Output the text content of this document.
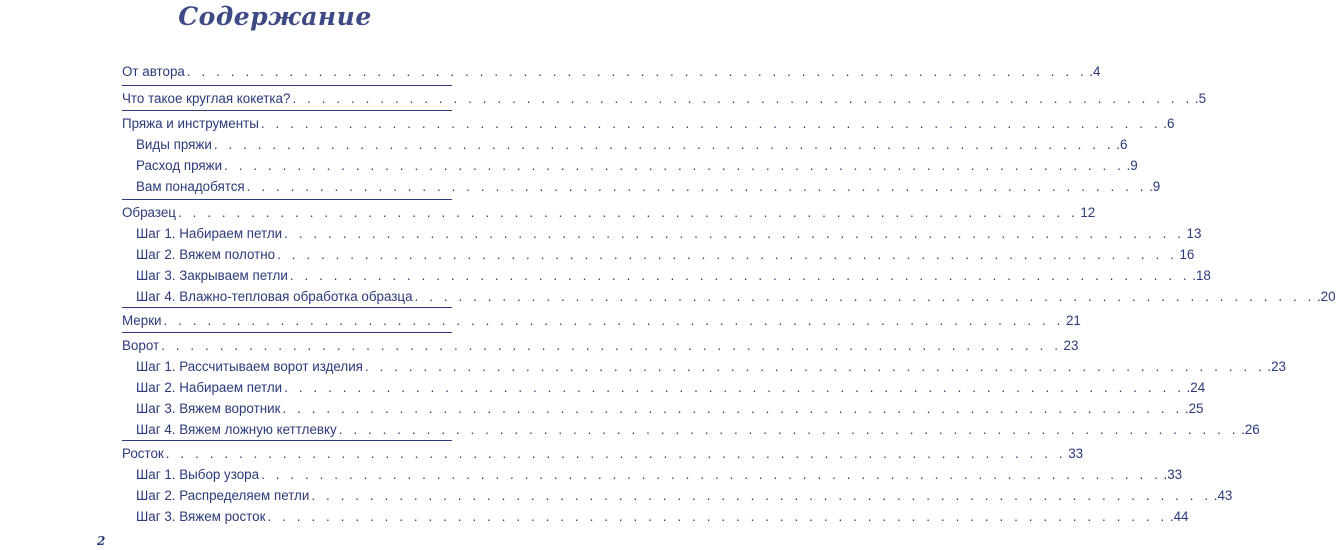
Содержание
От автора . . . . . . . . . . . . . . . . . . . . . . . . . . . . . . . . . . . . . . . . . . . . . . . . . . . . . . . . . . . . . . .4
Что такое круглая кокетка? . . . . . . . . . . . . . . . . . . . . . . . . . . . . . . . . . . . . . . . . . . . . . . . . . . . . . . . . . . . . . . .5
Пряжа и инструменты . . . . . . . . . . . . . . . . . . . . . . . . . . . . . . . . . . . . . . . . . . . . . . . . . . . . . . . . . . . . . . .6
Виды пряжи . . . . . . . . . . . . . . . . . . . . . . . . . . . . . . . . . . . . . . . . . . . . . . . . . . . . . . . . . . . . . . .6
Расход пряжи . . . . . . . . . . . . . . . . . . . . . . . . . . . . . . . . . . . . . . . . . . . . . . . . . . . . . . . . . . . . . . .9
Вам понадобятся . . . . . . . . . . . . . . . . . . . . . . . . . . . . . . . . . . . . . . . . . . . . . . . . . . . . . . . . . . . . . . .9
Образец . . . . . . . . . . . . . . . . . . . . . . . . . . . . . . . . . . . . . . . . . . . . . . . . . . . . . . . . . . . . . . 12
Шаг 1. Набираем петли . . . . . . . . . . . . . . . . . . . . . . . . . . . . . . . . . . . . . . . . . . . . . . . . . . . . . . . . . . . . . . 13
Шаг 2. Вяжем полотно . . . . . . . . . . . . . . . . . . . . . . . . . . . . . . . . . . . . . . . . . . . . . . . . . . . . . . . . . . . . . . 16
Шаг 3. Закрываем петли . . . . . . . . . . . . . . . . . . . . . . . . . . . . . . . . . . . . . . . . . . . . . . . . . . . . . . . . . . . . . . .18
Шаг 4. Влажно-тепловая обработка образца . . . . . . . . . . . . . . . . . . . . . . . . . . . . . . . . . . . . . . . . . . . . . . . . . . . . . . . . . . . . . . .20
Мерки . . . . . . . . . . . . . . . . . . . . . . . . . . . . . . . . . . . . . . . . . . . . . . . . . . . . . . . . . . . . . . 21
Ворот . . . . . . . . . . . . . . . . . . . . . . . . . . . . . . . . . . . . . . . . . . . . . . . . . . . . . . . . . . . . . . 23
Шаг 1. Рассчитываем ворот изделия . . . . . . . . . . . . . . . . . . . . . . . . . . . . . . . . . . . . . . . . . . . . . . . . . . . . . . . . . . . . . . .23
Шаг 2. Набираем петли . . . . . . . . . . . . . . . . . . . . . . . . . . . . . . . . . . . . . . . . . . . . . . . . . . . . . . . . . . . . . . .24
Шаг 3. Вяжем воротник . . . . . . . . . . . . . . . . . . . . . . . . . . . . . . . . . . . . . . . . . . . . . . . . . . . . . . . . . . . . . . .25
Шаг 4. Вяжем ложную кеттлевку . . . . . . . . . . . . . . . . . . . . . . . . . . . . . . . . . . . . . . . . . . . . . . . . . . . . . . . . . . . . . . .26
Росток . . . . . . . . . . . . . . . . . . . . . . . . . . . . . . . . . . . . . . . . . . . . . . . . . . . . . . . . . . . . . . 33
Шаг 1. Выбор узора . . . . . . . . . . . . . . . . . . . . . . . . . . . . . . . . . . . . . . . . . . . . . . . . . . . . . . . . . . . . . . .33
Шаг 2. Распределяем петли . . . . . . . . . . . . . . . . . . . . . . . . . . . . . . . . . . . . . . . . . . . . . . . . . . . . . . . . . . . . . . .43
Шаг 3. Вяжем росток . . . . . . . . . . . . . . . . . . . . . . . . . . . . . . . . . . . . . . . . . . . . . . . . . . . . . . . . . . . . . . .44
2
